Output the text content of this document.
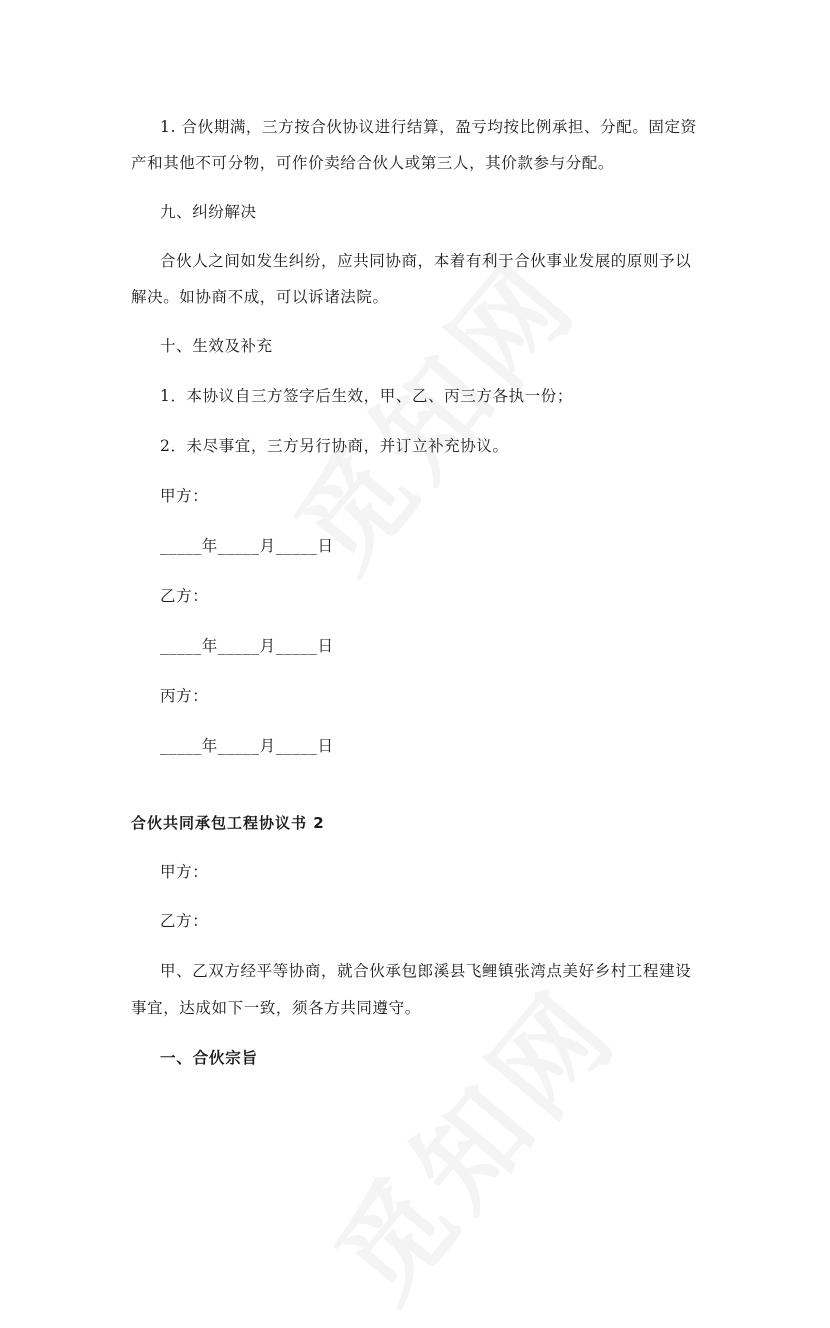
1. 合伙期满，三方按合伙协议进行结算，盈亏均按比例承担、分配。固定资
产和其他不可分物，可作价卖给合伙人或第三人，其价款参与分配。
九、纠纷解决
合伙人之间如发生纠纷，应共同协商，本着有利于合伙事业发展的原则予以
解决。如协商不成，可以诉诸法院。
十、生效及补充
1．本协议自三方签字后生效，甲、乙、丙三方各执一份；
2．未尽事宜，三方另行协商，并订立补充协议。
甲方：
_____年_____月_____日
乙方：
_____年_____月_____日
丙方：
_____年_____月_____日
合伙共同承包工程协议书 2
甲方：
乙方：
甲、乙双方经平等协商，就合伙承包郎溪县飞鲤镇张湾点美好乡村工程建设
事宜，达成如下一致，须各方共同遵守。
一、合伙宗旨
